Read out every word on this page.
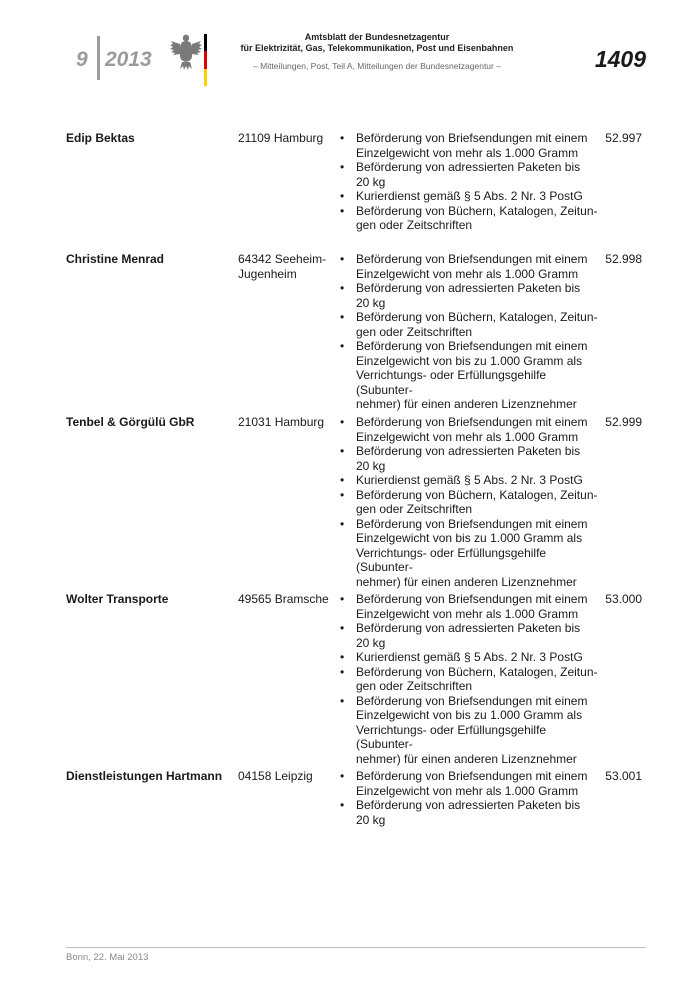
9 2013
Amtsblatt der Bundesnetzagentur
für Elektrizität, Gas, Telekommunikation, Post und Eisenbahnen
– Mitteilungen, Post, Teil A, Mitteilungen der Bundesnetzagentur –	1409
Edip Bektas	21109 Hamburg	• Beförderung von Briefsendungen mit einem
Einzelgewicht von mehr als 1.000 Gramm
• Beförderung von adressierten Paketen bis
20 kg
• Kurierdienst gemäß § 5 Abs. 2 Nr. 3 PostG
• Beförderung von Büchern, Katalogen, Zeitun-
gen oder Zeitschriften
52.997
Christine Menrad	64342 Seeheim-
Jugenheim
• Beförderung von Briefsendungen mit einem
Einzelgewicht von mehr als 1.000 Gramm
• Beförderung von adressierten Paketen bis
20 kg
• Beförderung von Büchern, Katalogen, Zeitun-
gen oder Zeitschriften
• Beförderung von Briefsendungen mit einem
Einzelgewicht von bis zu 1.000 Gramm als
Verrichtungs- oder Erfüllungsgehilfe (Subunter-
nehmer) für einen anderen Lizenznehmer
52.998
Tenbel & Görgülü GbR	21031 Hamburg	• Beförderung von Briefsendungen mit einem
Einzelgewicht von mehr als 1.000 Gramm
• Beförderung von adressierten Paketen bis
20 kg
• Kurierdienst gemäß § 5 Abs. 2 Nr. 3 PostG
• Beförderung von Büchern, Katalogen, Zeitun-
gen oder Zeitschriften
• Beförderung von Briefsendungen mit einem
Einzelgewicht von bis zu 1.000 Gramm als
Verrichtungs- oder Erfüllungsgehilfe (Subunter-
nehmer) für einen anderen Lizenznehmer
52.999
Wolter Transporte	49565 Bramsche • Beförderung von Briefsendungen mit einem
Einzelgewicht von mehr als 1.000 Gramm
• Beförderung von adressierten Paketen bis
20 kg
• Kurierdienst gemäß § 5 Abs. 2 Nr. 3 PostG
• Beförderung von Büchern, Katalogen, Zeitun-
gen oder Zeitschriften
• Beförderung von Briefsendungen mit einem
Einzelgewicht von bis zu 1.000 Gramm als
Verrichtungs- oder Erfüllungsgehilfe (Subunter-
nehmer) für einen anderen Lizenznehmer
53.000
Dienstleistungen Hartmann	04158 Leipzig	• Beförderung von Briefsendungen mit einem
Einzelgewicht von mehr als 1.000 Gramm
• Beförderung von adressierten Paketen bis
20 kg
53.001
Bonn, 22. Mai 2013
